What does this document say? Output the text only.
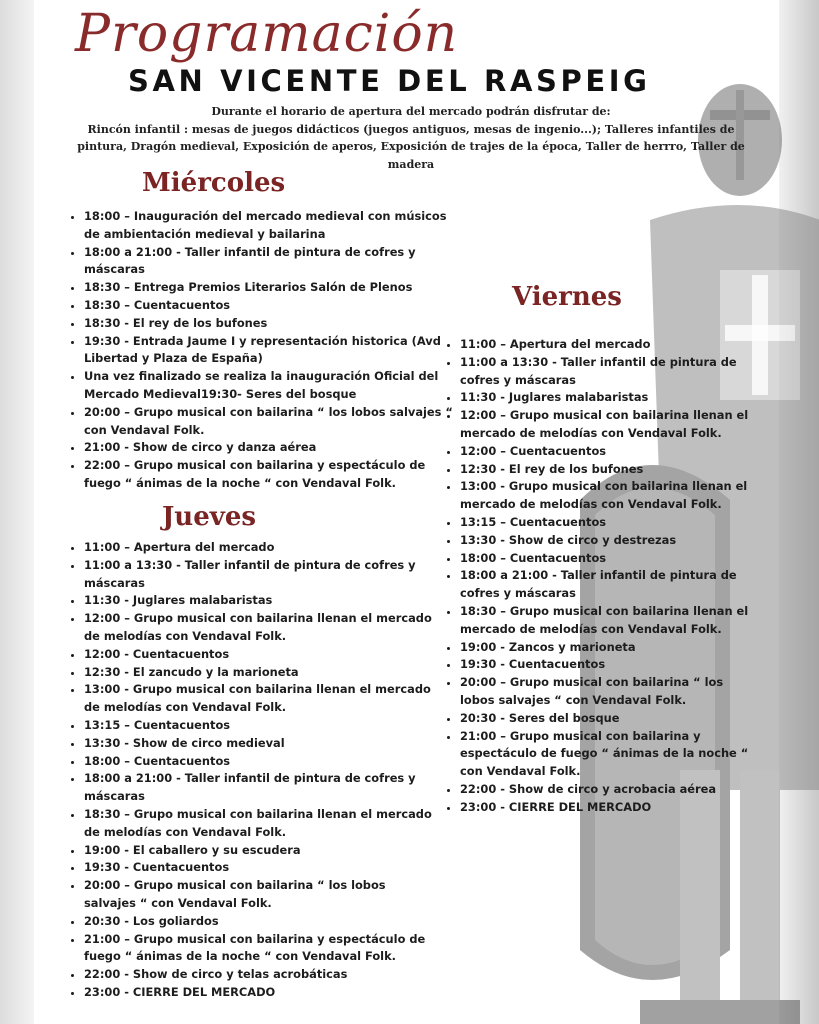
Programación
SAN VICENTE DEL RASPEIG

Durante el horario de apertura del mercado podrán disfrutar de:

Rincón infantil : mesas de juegos didácticos (juegos antiguos, mesas de ingenio...); Talleres infantiles de pintura, Dragón medieval, Exposición de aperos, Exposición de trajes de la época, Taller de herrro, Taller de madera

Miércoles
• 18:00 – Inauguración del mercado medieval con músicos de ambientación medieval y bailarina
• 18:00 a 21:00 - Taller infantil de pintura de cofres y máscaras
• 18:30 – Entrega Premios Literarios Salón de Plenos
• 18:30 – Cuentacuentos
• 18:30 - El rey de los bufones
• 19:30 - Entrada Jaume I y representación historica (Avd Libertad y Plaza de España)
• Una vez finalizado se realiza la inauguración Oficial del Mercado Medieval19:30- Seres del bosque
• 20:00 – Grupo musical con bailarina “ los lobos salvajes “ con Vendaval Folk.
• 21:00 - Show de circo y danza aérea
• 22:00 – Grupo musical con bailarina y espectáculo de fuego “ ánimas de la noche “ con Vendaval Folk.
Jueves
• 11:00 – Apertura del mercado
• 11:00 a 13:30 - Taller infantil de pintura de cofres y máscaras
• 11:30 - Juglares malabaristas
• 12:00 – Grupo musical con bailarina llenan el mercado de melodías con Vendaval Folk.
• 12:00 - Cuentacuentos
• 12:30 - El zancudo y la marioneta
• 13:00 - Grupo musical con bailarina llenan el mercado de melodías con Vendaval Folk.
• 13:15 – Cuentacuentos
• 13:30 - Show de circo medieval
• 18:00 – Cuentacuentos
• 18:00 a 21:00 - Taller infantil de pintura de cofres y máscaras
• 18:30 – Grupo musical con bailarina llenan el mercado de melodías con Vendaval Folk.
• 19:00 - El caballero y su escudera
• 19:30 - Cuentacuentos
• 20:00 – Grupo musical con bailarina “ los lobos salvajes “ con Vendaval Folk.
• 20:30 - Los goliardos
• 21:00 – Grupo musical con bailarina y espectáculo de fuego “ ánimas de la noche “ con Vendaval Folk.
• 22:00 - Show de circo y telas acrobáticas
• 23:00 - CIERRE DEL MERCADO
Viernes
• 11:00 – Apertura del mercado
• 11:00 a 13:30 - Taller infantil de pintura de cofres y máscaras
• 11:30 - Juglares malabaristas
• 12:00 – Grupo musical con bailarina llenan el mercado de melodías con Vendaval Folk.
• 12:00 – Cuentacuentos
• 12:30 - El rey de los bufones
• 13:00 - Grupo musical con bailarina llenan el mercado de melodías con Vendaval Folk.
• 13:15 – Cuentacuentos
• 13:30 - Show de circo y destrezas
• 18:00 – Cuentacuentos
• 18:00 a 21:00 - Taller infantil de pintura de cofres y máscaras
• 18:30 – Grupo musical con bailarina llenan el mercado de melodías con Vendaval Folk.
• 19:00 - Zancos y marioneta
• 19:30 - Cuentacuentos
• 20:00 – Grupo musical con bailarina “ los lobos salvajes “ con Vendaval Folk.
• 20:30 - Seres del bosque
• 21:00 – Grupo musical con bailarina y espectáculo de fuego “ ánimas de la noche “ con Vendaval Folk.
• 22:00 - Show de circo y acrobacia aérea
• 23:00 - CIERRE DEL MERCADO
